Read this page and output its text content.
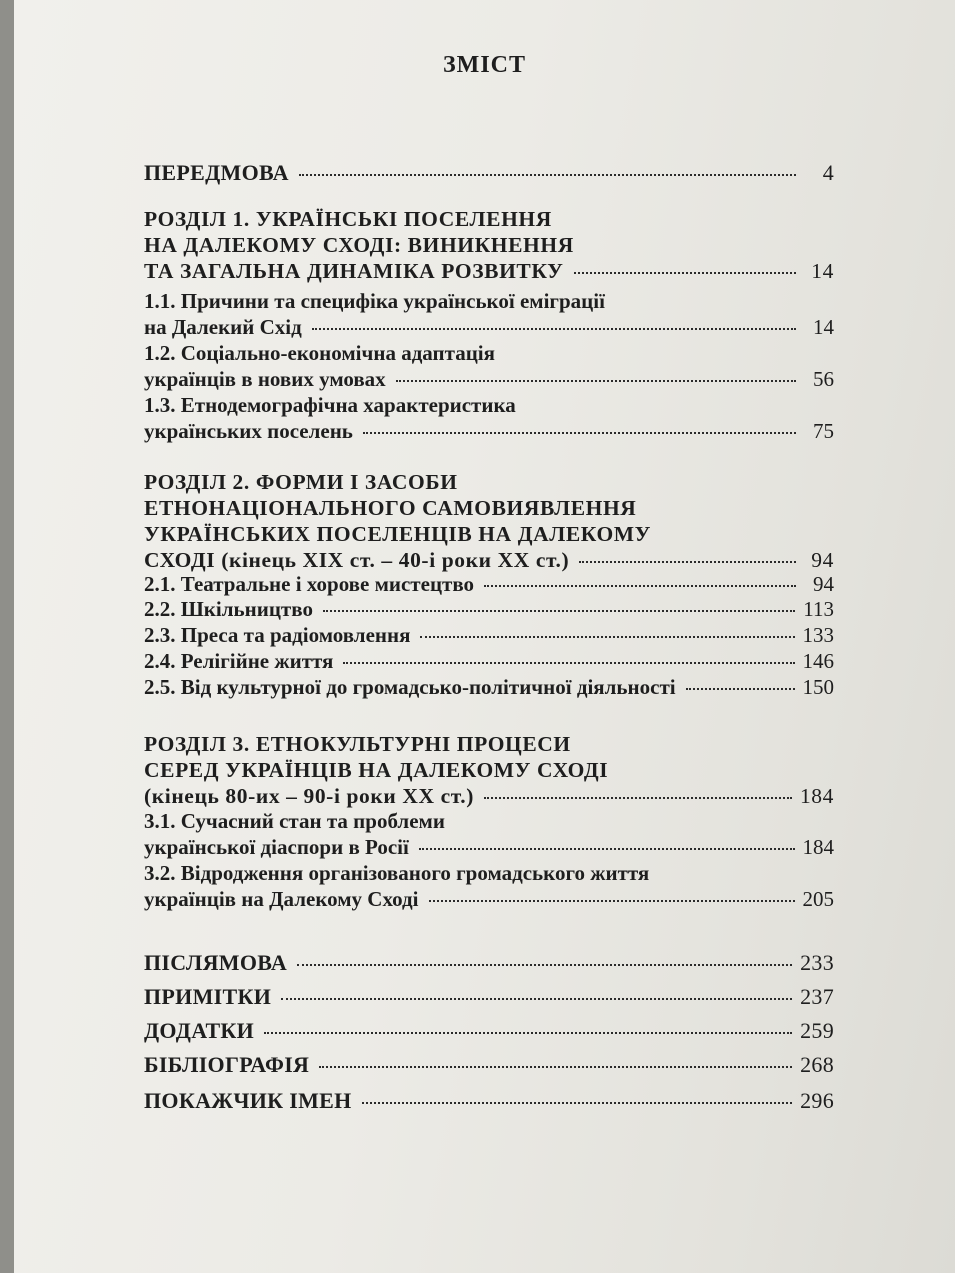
ЗМІСТ
ПЕРЕДМОВА	4
РОЗДІЛ 1. УКРАЇНСЬКІ ПОСЕЛЕННЯ
НА ДАЛЕКОМУ СХОДІ: ВИНИКНЕННЯ
ТА ЗАГАЛЬНА ДИНАМІКА РОЗВИТКУ	14
1.1. Причини та специфіка української еміграції
на Далекий Схід	14
1.2. Соціально-економічна адаптація
українців в нових умовах	56
1.3. Етнодемографічна характеристика
українських поселень	75
РОЗДІЛ 2. ФОРМИ І ЗАСОБИ
ЕТНОНАЦІОНАЛЬНОГО САМОВИЯВЛЕННЯ
УКРАЇНСЬКИХ ПОСЕЛЕНЦІВ НА ДАЛЕКОМУ
СХОДІ (кінець XIX ст. – 40-і роки XX ст.)	94
2.1. Театральне і хорове мистецтво	94
2.2. Шкільництво	113
2.3. Преса та радіомовлення	133
2.4. Релігійне життя	146
2.5. Від культурної до громадсько-політичної діяльності	150
РОЗДІЛ 3. ЕТНОКУЛЬТУРНІ ПРОЦЕСИ
СЕРЕД УКРАЇНЦІВ НА ДАЛЕКОМУ СХОДІ
(кінець 80-их – 90-і роки XX ст.)	184
3.1. Сучасний стан та проблеми
української діаспори в Росії	184
3.2. Відродження організованого громадського життя
українців на Далекому Сході	205
ПІСЛЯМОВА	233
ПРИМІТКИ	237
ДОДАТКИ	259
БІБЛІОГРАФІЯ	268
ПОКАЖЧИК ІМЕН	296
